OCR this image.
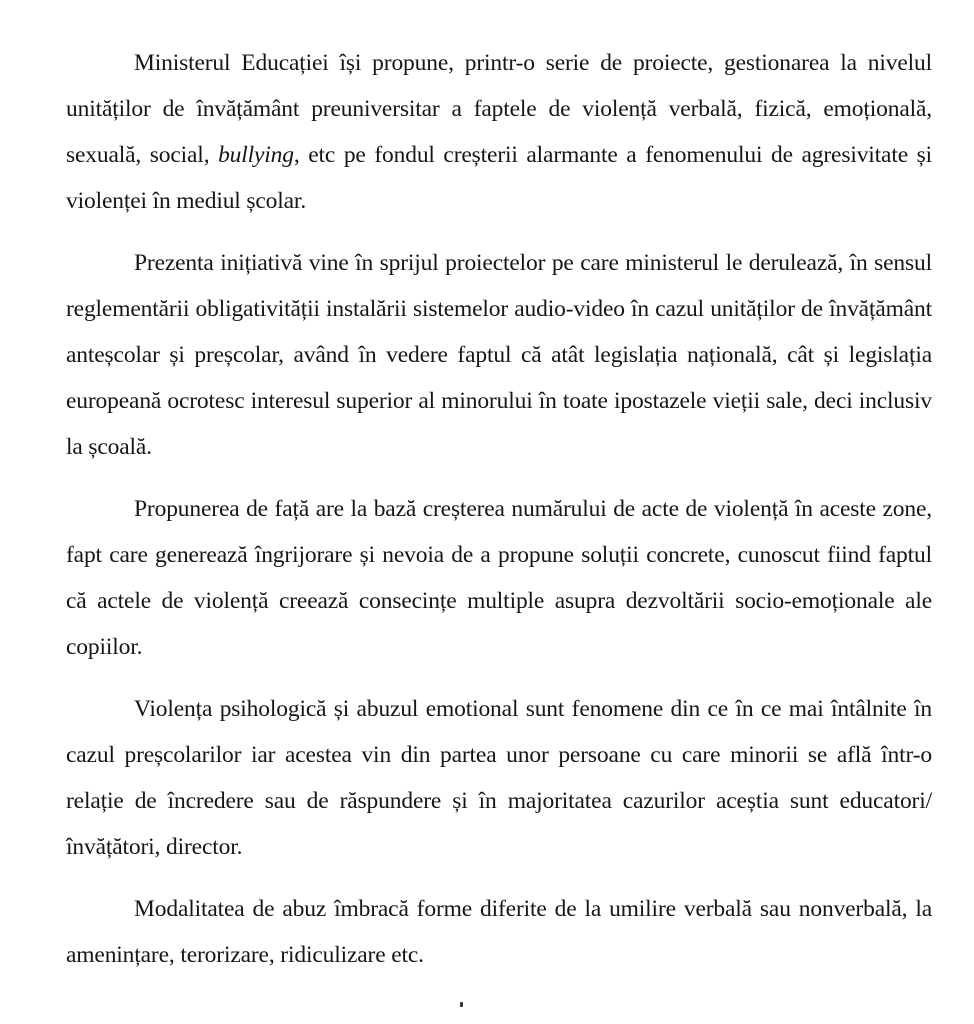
Ministerul Educației își propune, printr-o serie de proiecte, gestionarea la nivelul unităților de învățământ preuniversitar a faptele de violență verbală, fizică, emoțională, sexuală, social, bullying, etc pe fondul creșterii alarmante a fenomenului de agresivitate și violenței în mediul școlar.

Prezenta inițiativă vine în sprijul proiectelor pe care ministerul le derulează, în sensul reglementării obligativității instalării sistemelor audio-video în cazul unităților de învățământ anteșcolar și preșcolar, având în vedere faptul că atât legislația națională, cât și legislația europeană ocrotesc interesul superior al minorului în toate ipostazele vieții sale, deci inclusiv la școală.

Propunerea de față are la bază creșterea numărului de acte de violență în aceste zone, fapt care generează îngrijorare și nevoia de a propune soluții concrete, cunoscut fiind faptul că actele de violență creează consecințe multiple asupra dezvoltării socio-emoționale ale copiilor.

Violența psihologică și abuzul emotional sunt fenomene din ce în ce mai întâlnite în cazul preșcolarilor iar acestea vin din partea unor persoane cu care minorii se află într-o relație de încredere sau de răspundere și în majoritatea cazurilor aceștia sunt educatori/învățători, director.

Modalitatea de abuz îmbracă forme diferite de la umilire verbală sau nonverbală, la amenințare, terorizare, ridiculizare etc.
